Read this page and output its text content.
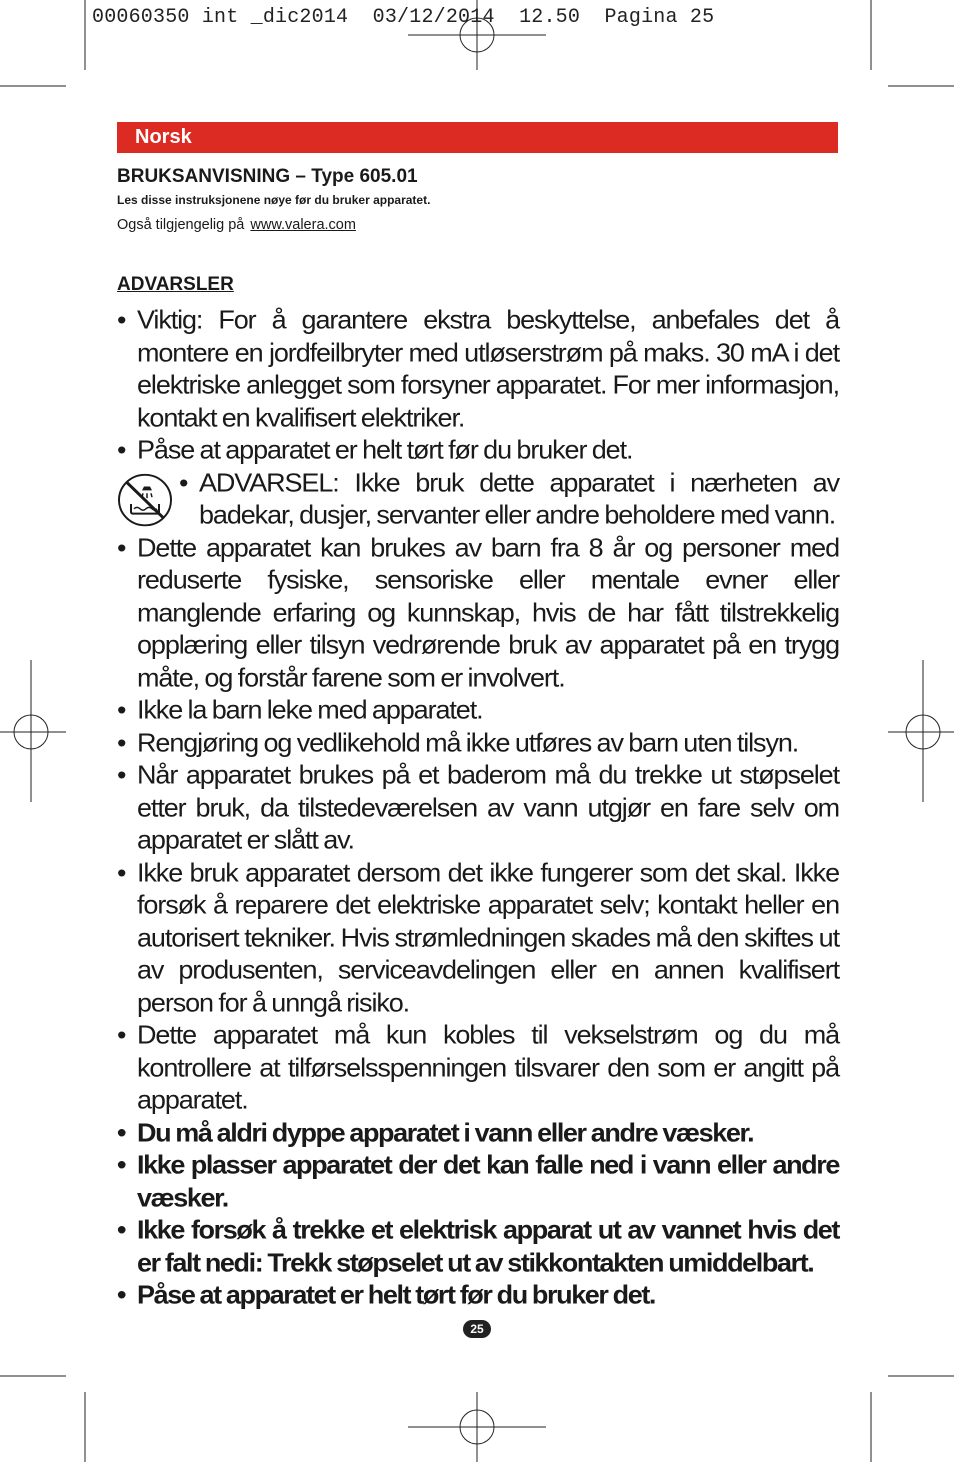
00060350 int _dic2014  03/12/2014  12.50  Pagina 25
Norsk
BRUKSANVISNING – Type 605.01
Les disse instruksjonene nøye før du bruker apparatet.
Også tilgjengelig på www.valera.com
ADVARSLER
• Viktig: For å garantere ekstra beskyttelse, anbefales det å montere en jordfeilbryter med utløserstrøm på maks. 30 mA i det elektriske anlegget som forsyner apparatet. For mer informasjon, kontakt en kvalifisert elektriker.
• Påse at apparatet er helt tørt før du bruker det.
• ADVARSEL: Ikke bruk dette apparatet i nærheten av badekar, dusjer, servanter eller andre beholdere med vann.
• Dette apparatet kan brukes av barn fra 8 år og personer med reduserte fysiske, sensoriske eller mentale evner eller manglende erfaring og kunnskap, hvis de har fått tilstrekkelig opplæring eller tilsyn vedrørende bruk av apparatet på en trygg måte, og forstår farene som er involvert.
• Ikke la barn leke med apparatet.
• Rengjøring og vedlikehold må ikke utføres av barn uten tilsyn.
• Når apparatet brukes på et baderom må du trekke ut støpselet etter bruk, da tilstedeværelsen av vann utgjør en fare selv om apparatet er slått av.
• Ikke bruk apparatet dersom det ikke fungerer som det skal. Ikke forsøk å reparere det elektriske apparatet selv; kontakt heller en autorisert tekniker. Hvis strømledningen skades må den skiftes ut av produsenten, serviceavdelingen eller en annen kvalifisert person for å unngå risiko.
• Dette apparatet må kun kobles til vekselstrøm og du må kontrollere at tilførselsspenningen tilsvarer den som er angitt på apparatet.
• Du må aldri dyppe apparatet i vann eller andre væsker.
• Ikke plasser apparatet der det kan falle ned i vann eller andre væsker.
• Ikke forsøk å trekke et elektrisk apparat ut av vannet hvis det er falt nedi: Trekk støpselet ut av stikkontakten umiddelbart.
• Påse at apparatet er helt tørt før du bruker det.
25
